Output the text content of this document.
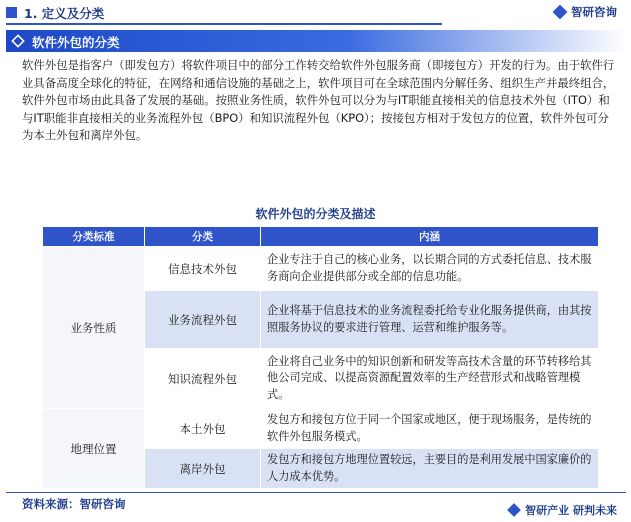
1. 定义及分类	智研咨询
软件外包的分类
软件外包是指客户（即发包方）将软件项目中的部分工作转交给软件外包服务商（即接包方）开发的行为。由于软件行业具备高度全球化的特征，在网络和通信设施的基础之上，软件项目可在全球范围内分解任务、组织生产并最终组合，软件外包市场由此具备了发展的基础。按照业务性质，软件外包可以分为与IT职能直接相关的信息技术外包（ITO）和与IT职能非直接相关的业务流程外包（BPO）和知识流程外包（KPO）；按接包方相对于发包方的位置，软件外包可分为本土外包和离岸外包。
软件外包的分类及描述
分类标准	分类	内涵
业务性质	信息技术外包	企业专注于自己的核心业务，以长期合同的方式委托信息、技术服务商向企业提供部分或全部的信息功能。
	业务流程外包	企业将基于信息技术的业务流程委托给专业化服务提供商，由其按照服务协议的要求进行管理、运营和维护服务等。
	知识流程外包	企业将自己业务中的知识创新和研发等高技术含量的环节转移给其他公司完成、以提高资源配置效率的生产经营形式和战略管理模式。
地理位置	本土外包	发包方和接包方位于同一个国家或地区，便于现场服务，是传统的软件外包服务模式。
	离岸外包	发包方和接包方地理位置较远，主要目的是利用发展中国家廉价的人力成本优势。
资料来源：智研咨询	智研产业 研判未来
